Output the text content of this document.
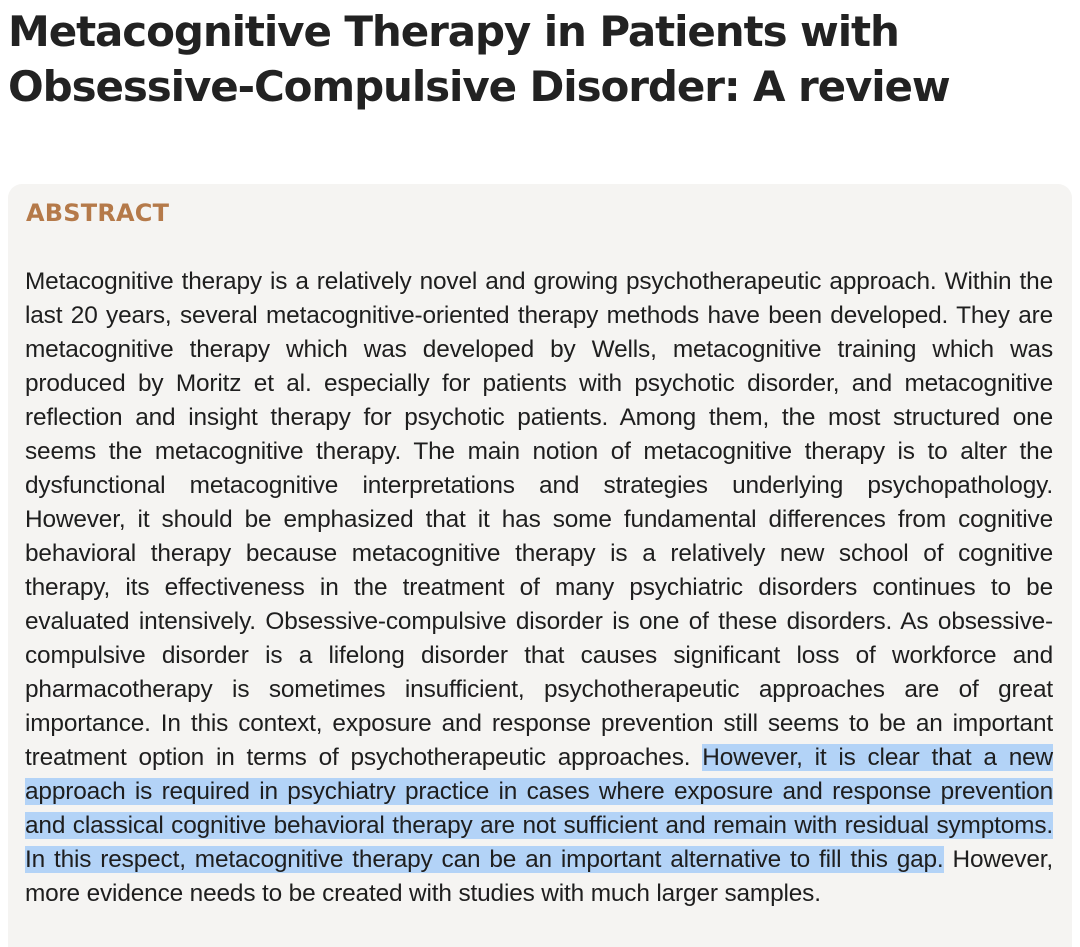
Metacognitive Therapy in Patients with Obsessive-Compulsive Disorder: A review
ABSTRACT

Metacognitive therapy is a relatively novel and growing psychotherapeutic approach. Within the last 20 years, several metacognitive-oriented therapy methods have been developed. They are metacognitive therapy which was developed by Wells, metacognitive training which was produced by Moritz et al. especially for patients with psychotic disorder, and metacognitive reflection and insight therapy for psychotic patients. Among them, the most structured one seems the metacognitive therapy. The main notion of metacognitive therapy is to alter the dysfunctional metacognitive interpretations and strategies underlying psychopathology. However, it should be emphasized that it has some fundamental differences from cognitive behavioral therapy because metacognitive therapy is a relatively new school of cognitive therapy, its effectiveness in the treatment of many psychiatric disorders continues to be evaluated intensively. Obsessive-compulsive disorder is one of these disorders. As obsessive-compulsive disorder is a lifelong disorder that causes significant loss of workforce and pharmacotherapy is sometimes insufficient, psychotherapeutic approaches are of great importance. In this context, exposure and response prevention still seems to be an important treatment option in terms of psychotherapeutic approaches. However, it is clear that a new approach is required in psychiatry practice in cases where exposure and response prevention and classical cognitive behavioral therapy are not sufficient and remain with residual symptoms. In this respect, metacognitive therapy can be an important alternative to fill this gap. However, more evidence needs to be created with studies with much larger samples.
